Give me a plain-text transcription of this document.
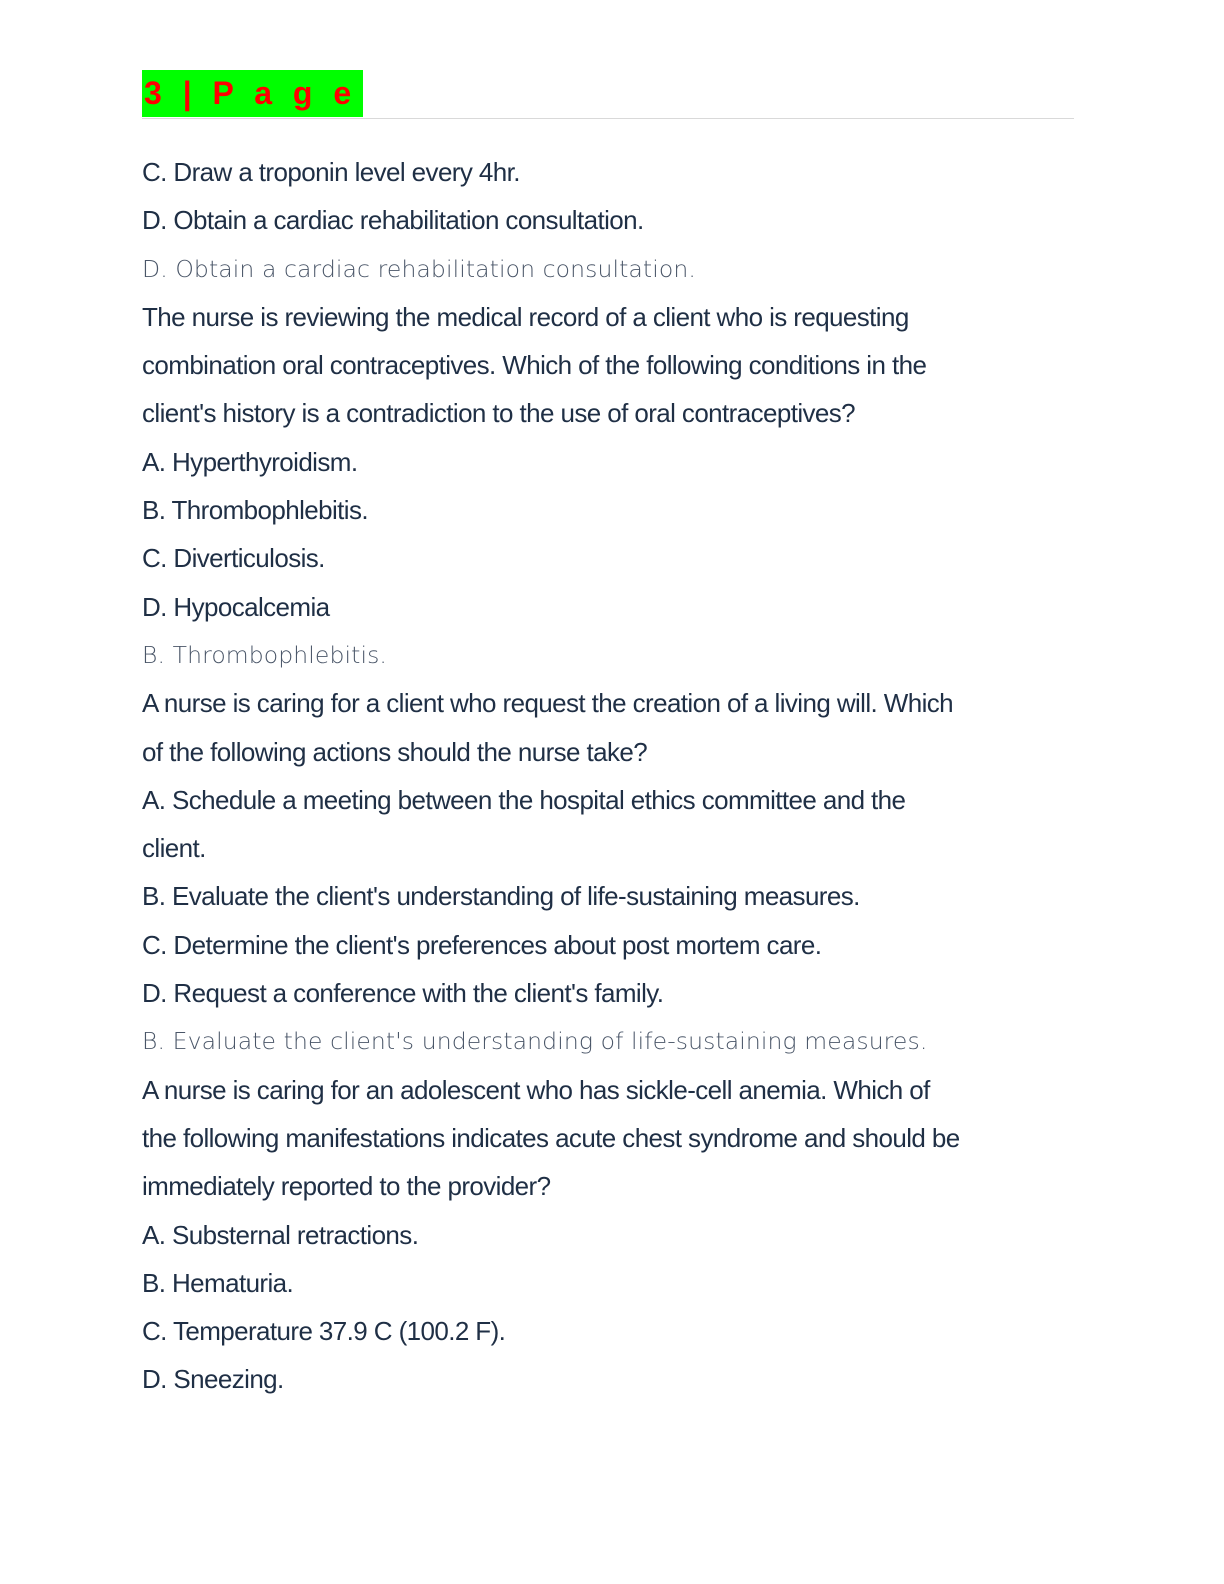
3 | P a g e
C. Draw a troponin level every 4hr.
D. Obtain a cardiac rehabilitation consultation.
D. Obtain a cardiac rehabilitation consultation.
The nurse is reviewing the medical record of a client who is requesting
combination oral contraceptives. Which of the following conditions in the
client's history is a contradiction to the use of oral contraceptives?
A. Hyperthyroidism.
B. Thrombophlebitis.
C. Diverticulosis.
D. Hypocalcemia
B. Thrombophlebitis.
A nurse is caring for a client who request the creation of a living will. Which
of the following actions should the nurse take?
A. Schedule a meeting between the hospital ethics committee and the
client.
B. Evaluate the client's understanding of life-sustaining measures.
C. Determine the client's preferences about post mortem care.
D. Request a conference with the client's family.
B. Evaluate the client's understanding of life-sustaining measures.
A nurse is caring for an adolescent who has sickle-cell anemia. Which of
the following manifestations indicates acute chest syndrome and should be
immediately reported to the provider?
A. Substernal retractions.
B. Hematuria.
C. Temperature 37.9 C (100.2 F).
D. Sneezing.
